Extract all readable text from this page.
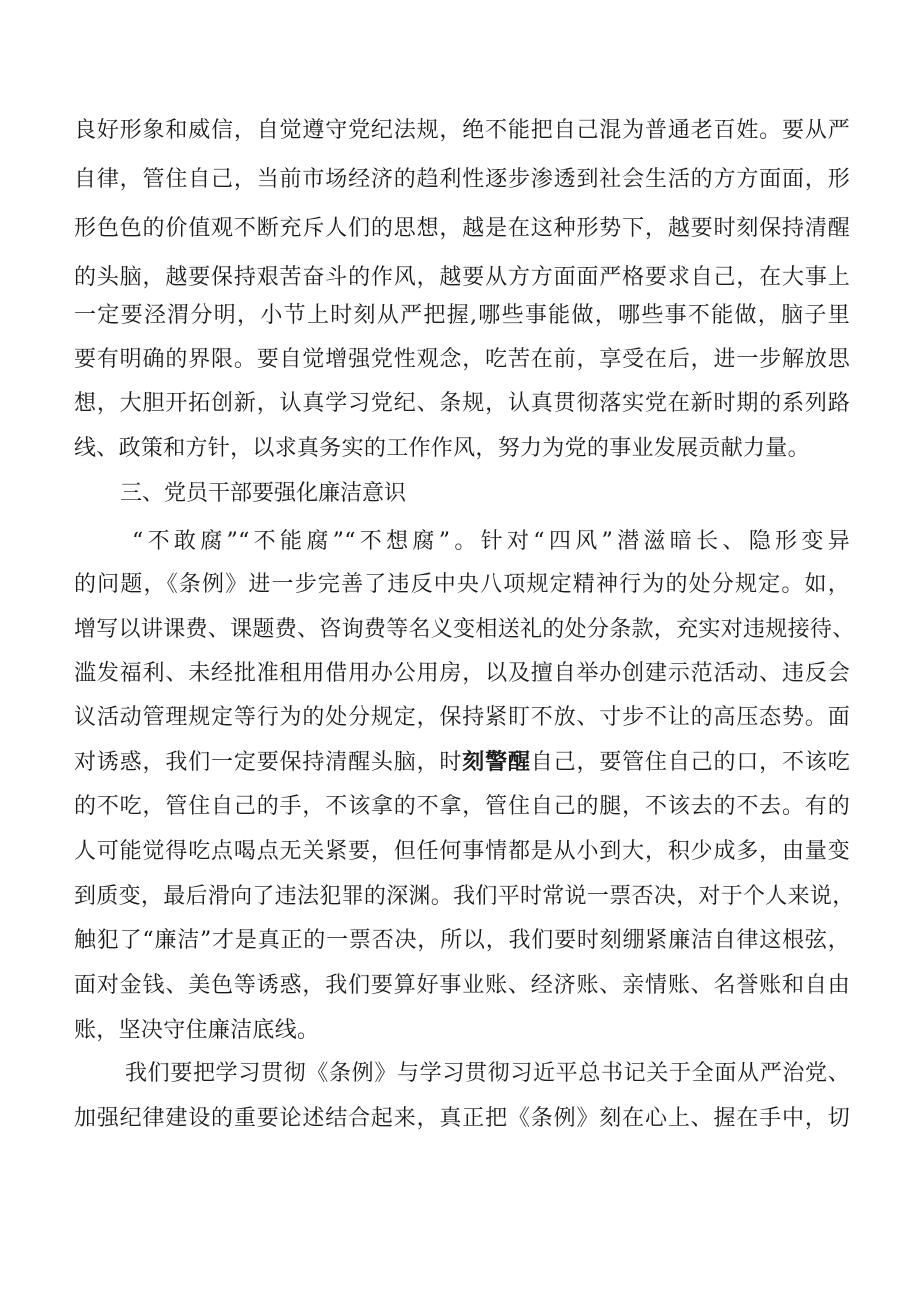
良好形象和威信，自觉遵守党纪法规，绝不能把自己混为普通老百姓。要从严
自律，管住自己，当前市场经济的趋利性逐步渗透到社会生活的方方面面，形
形色色的价值观不断充斥人们的思想，越是在这种形势下，越要时刻保持清醒
的头脑，越要保持艰苦奋斗的作风，越要从方方面面严格要求自己，在大事上
一定要泾渭分明，小节上时刻从严把握,哪些事能做，哪些事不能做，脑子里
要有明确的界限。要自觉增强党性观念，吃苦在前，享受在后，进一步解放思
想，大胆开拓创新，认真学习党纪、条规，认真贯彻落实党在新时期的系列路
线、政策和方针，以求真务实的工作作风，努力为党的事业发展贡献力量。
三、党员干部要强化廉洁意识
“不敢腐”“不能腐”“不想腐”。针对“四风”潜滋暗长、隐形变异
的问题，《条例》进一步完善了违反中央八项规定精神行为的处分规定。如，
增写以讲课费、课题费、咨询费等名义变相送礼的处分条款，充实对违规接待、
滥发福利、未经批准租用借用办公用房，以及擅自举办创建示范活动、违反会
议活动管理规定等行为的处分规定，保持紧盯不放、寸步不让的高压态势。面
对诱惑，我们一定要保持清醒头脑，时刻警醒自己，要管住自己的口，不该吃
的不吃，管住自己的手，不该拿的不拿，管住自己的腿，不该去的不去。有的
人可能觉得吃点喝点无关紧要，但任何事情都是从小到大，积少成多，由量变
到质变，最后滑向了违法犯罪的深渊。我们平时常说一票否决，对于个人来说，
触犯了“廉洁”才是真正的一票否决，所以，我们要时刻绷紧廉洁自律这根弦，
面对金钱、美色等诱惑，我们要算好事业账、经济账、亲情账、名誉账和自由
账，坚决守住廉洁底线。
我们要把学习贯彻《条例》与学习贯彻习近平总书记关于全面从严治党、
加强纪律建设的重要论述结合起来，真正把《条例》刻在心上、握在手中，切
